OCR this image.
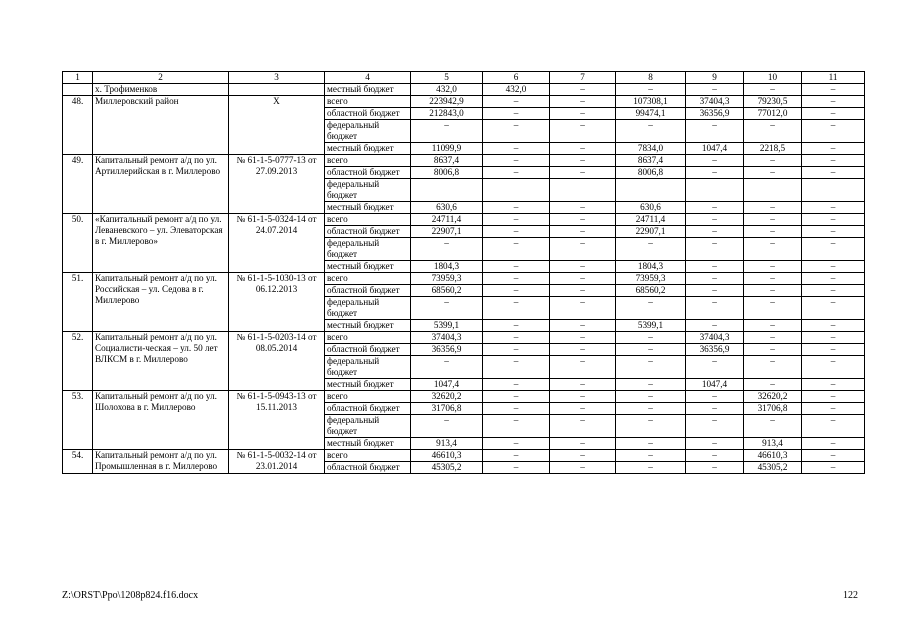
1	2	3	4	5	6	7	8	9	10	11
	х. Трофименков		местный бюджет	432,0	432,0	–	–	–	–	–
48.	Миллеровский район	Х	всего	223942,9	–	–	107308,1	37404,3	79230,5	–
			областной бюджет	212843,0	–	–	99474,1	36356,9	77012,0	–
			федеральный бюджет	–	–	–	–	–	–	–
			местный бюджет	11099,9	–	–	7834,0	1047,4	2218,5	–
49.	Капитальный ремонт а/д по ул. Артиллерийская в г. Миллерово	№ 61-1-5-0777-13 от 27.09.2013	всего	8637,4	–	–	8637,4	–	–	–
			областной бюджет	8006,8	–	–	8006,8	–	–	–
			федеральный бюджет							
			местный бюджет	630,6	–	–	630,6	–	–	–
50.	«Капитальный ремонт а/д по ул. Леваневского – ул. Элеваторская в г. Миллерово»	№ 61-1-5-0324-14 от 24.07.2014	всего	24711,4	–	–	24711,4	–	–	–
			областной бюджет	22907,1	–	–	22907,1	–	–	–
			федеральный бюджет	–	–	–	–	–	–	–
			местный бюджет	1804,3	–	–	1804,3	–	–	–
51.	Капитальный ремонт а/д по ул. Российская – ул. Седова в г. Миллерово	№ 61-1-5-1030-13 от 06.12.2013	всего	73959,3	–	–	73959,3	–	–	–
			областной бюджет	68560,2	–	–	68560,2	–	–	–
			федеральный бюджет	–	–	–	–	–	–	–
			местный бюджет	5399,1	–	–	5399,1	–	–	–
52.	Капитальный ремонт а/д по ул. Социалисти-ческая – ул. 50 лет ВЛКСМ в г. Миллерово	№ 61-1-5-0203-14 от 08.05.2014	всего	37404,3	–	–	–	37404,3	–	–
			областной бюджет	36356,9	–	–	–	36356,9	–	–
			федеральный бюджет	–	–	–	–	–	–	–
			местный бюджет	1047,4	–	–	–	1047,4	–	–
53.	Капитальный ремонт а/д по ул. Шолохова в г. Миллерово	№ 61-1-5-0943-13 от 15.11.2013	всего	32620,2	–	–	–	–	32620,2	–
			областной бюджет	31706,8	–	–	–	–	31706,8	–
			федеральный бюджет	–	–	–	–	–	–	–
			местный бюджет	913,4	–	–	–	–	913,4	–
54.	Капитальный ремонт а/д по ул. Промышленная в г. Миллерово	№ 61-1-5-0032-14 от 23.01.2014	всего	46610,3	–	–	–	–	46610,3	–
			областной бюджет	45305,2	–	–	–	–	45305,2	–
Z:\ORST\Ppo\1208p824.f16.docx	122
